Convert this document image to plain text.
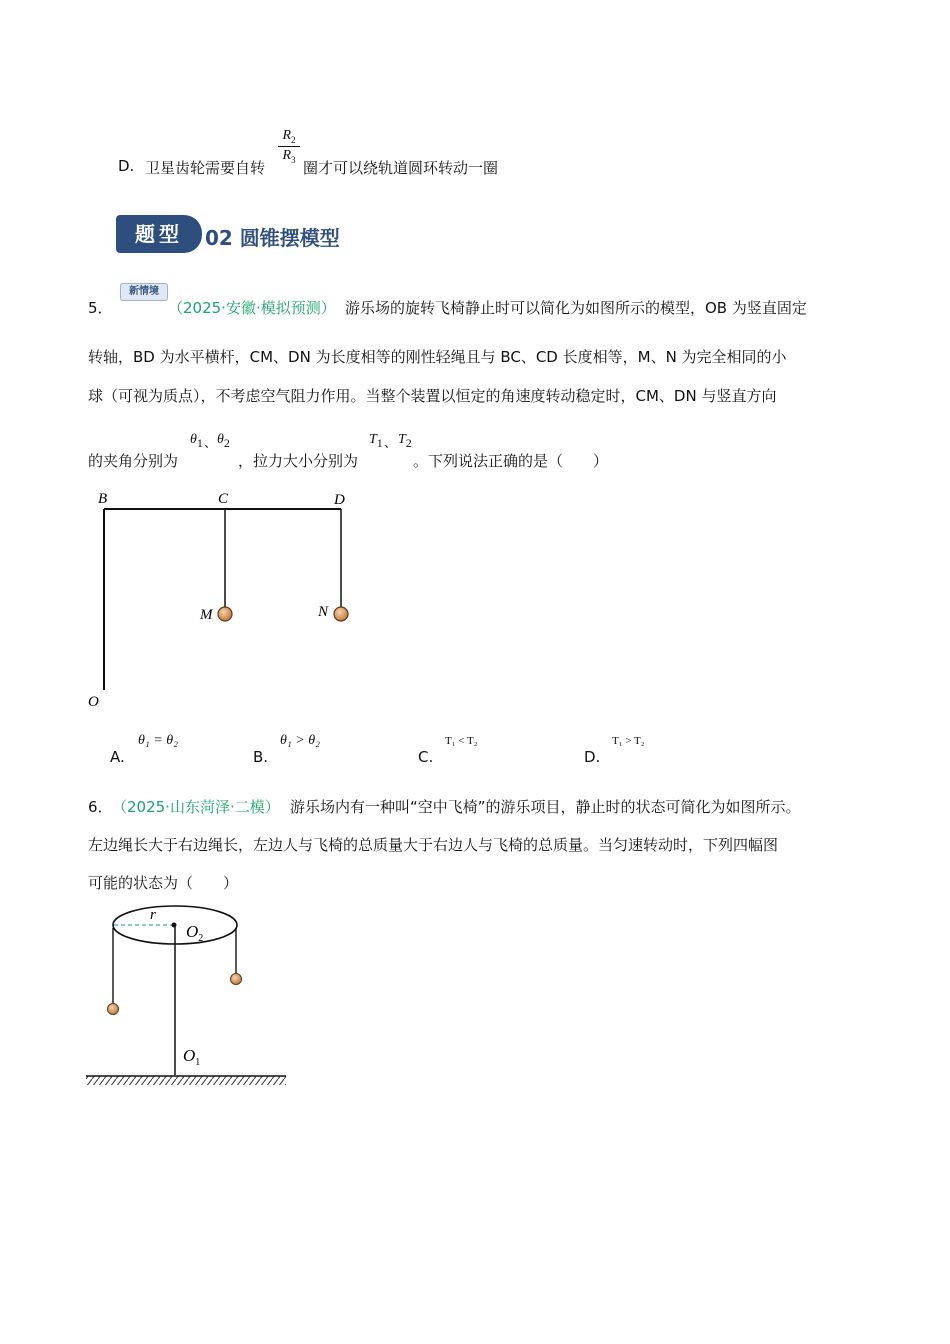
D. 卫星齿轮需要自转
$R_2$
$R_3$ 圈才可以绕轨道圆环转动一圈
题型	02 圆锥摆模型
5．
新情境
（2025·安徽·模拟预测） 游乐场的旋转飞椅静止时可以简化为如图所示的模型，OB 为竖直固定
转轴，BD 为水平横杆，CM、DN 为长度相等的刚性轻绳且与 BC、CD 长度相等，M、N 为完全相同的小
球（可视为质点），不考虑空气阻力作用。当整个装置以恒定的角速度转动稳定时，CM、DN 与竖直方向
的夹角分别为
$\theta_1$ 、 $\theta_2$
，拉力大小分别为
$T_1$ 、 $T_2$
。下列说法正确的是（　　）
B	C	D
M	N
O
A.
θ₁ = θ₂
B.
θ₁ > θ₂
C.
T₁ < T₂
D.
T₁ > T₂
6． （2025·山东菏泽·二模） 游乐场内有一种叫“空中飞椅”的游乐项目，静止时的状态可简化为如图所示。
左边绳长大于右边绳长，左边人与飞椅的总质量大于右边人与飞椅的总质量。当匀速转动时，下列四幅图
可能的状态为（　　）
r
$O_2$
$O_1$
